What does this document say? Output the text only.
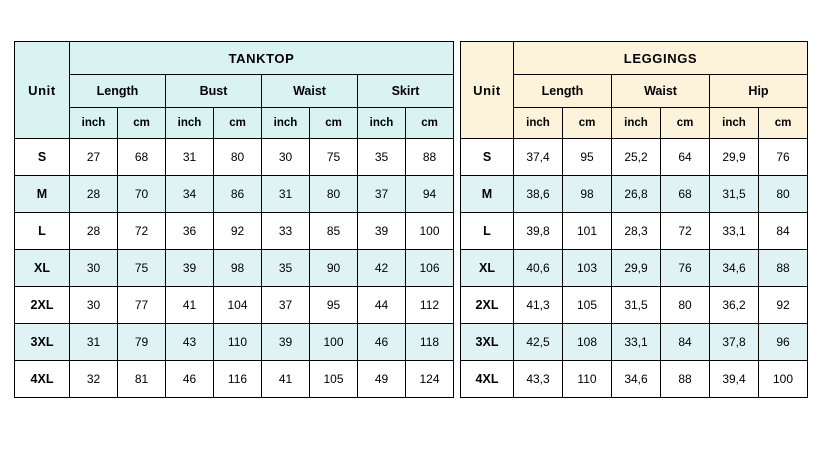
Unit	TANKTOP							
	Length		Bust		Waist		Skirt	
	inch	cm	inch	cm	inch	cm	inch	cm
S	27	68	31	80	30	75	35	88
M	28	70	34	86	31	80	37	94
L	28	72	36	92	33	85	39	100
XL	30	75	39	98	35	90	42	106
2XL	30	77	41	104	37	95	44	112
3XL	31	79	43	110	39	100	46	118
4XL	32	81	46	116	41	105	49	124
Unit	LEGGINGS					
	Length		Waist		Hip	
	inch	cm	inch	cm	inch	cm
S	37,4	95	25,2	64	29,9	76
M	38,6	98	26,8	68	31,5	80
L	39,8	101	28,3	72	33,1	84
XL	40,6	103	29,9	76	34,6	88
2XL	41,3	105	31,5	80	36,2	92
3XL	42,5	108	33,1	84	37,8	96
4XL	43,3	110	34,6	88	39,4	100
